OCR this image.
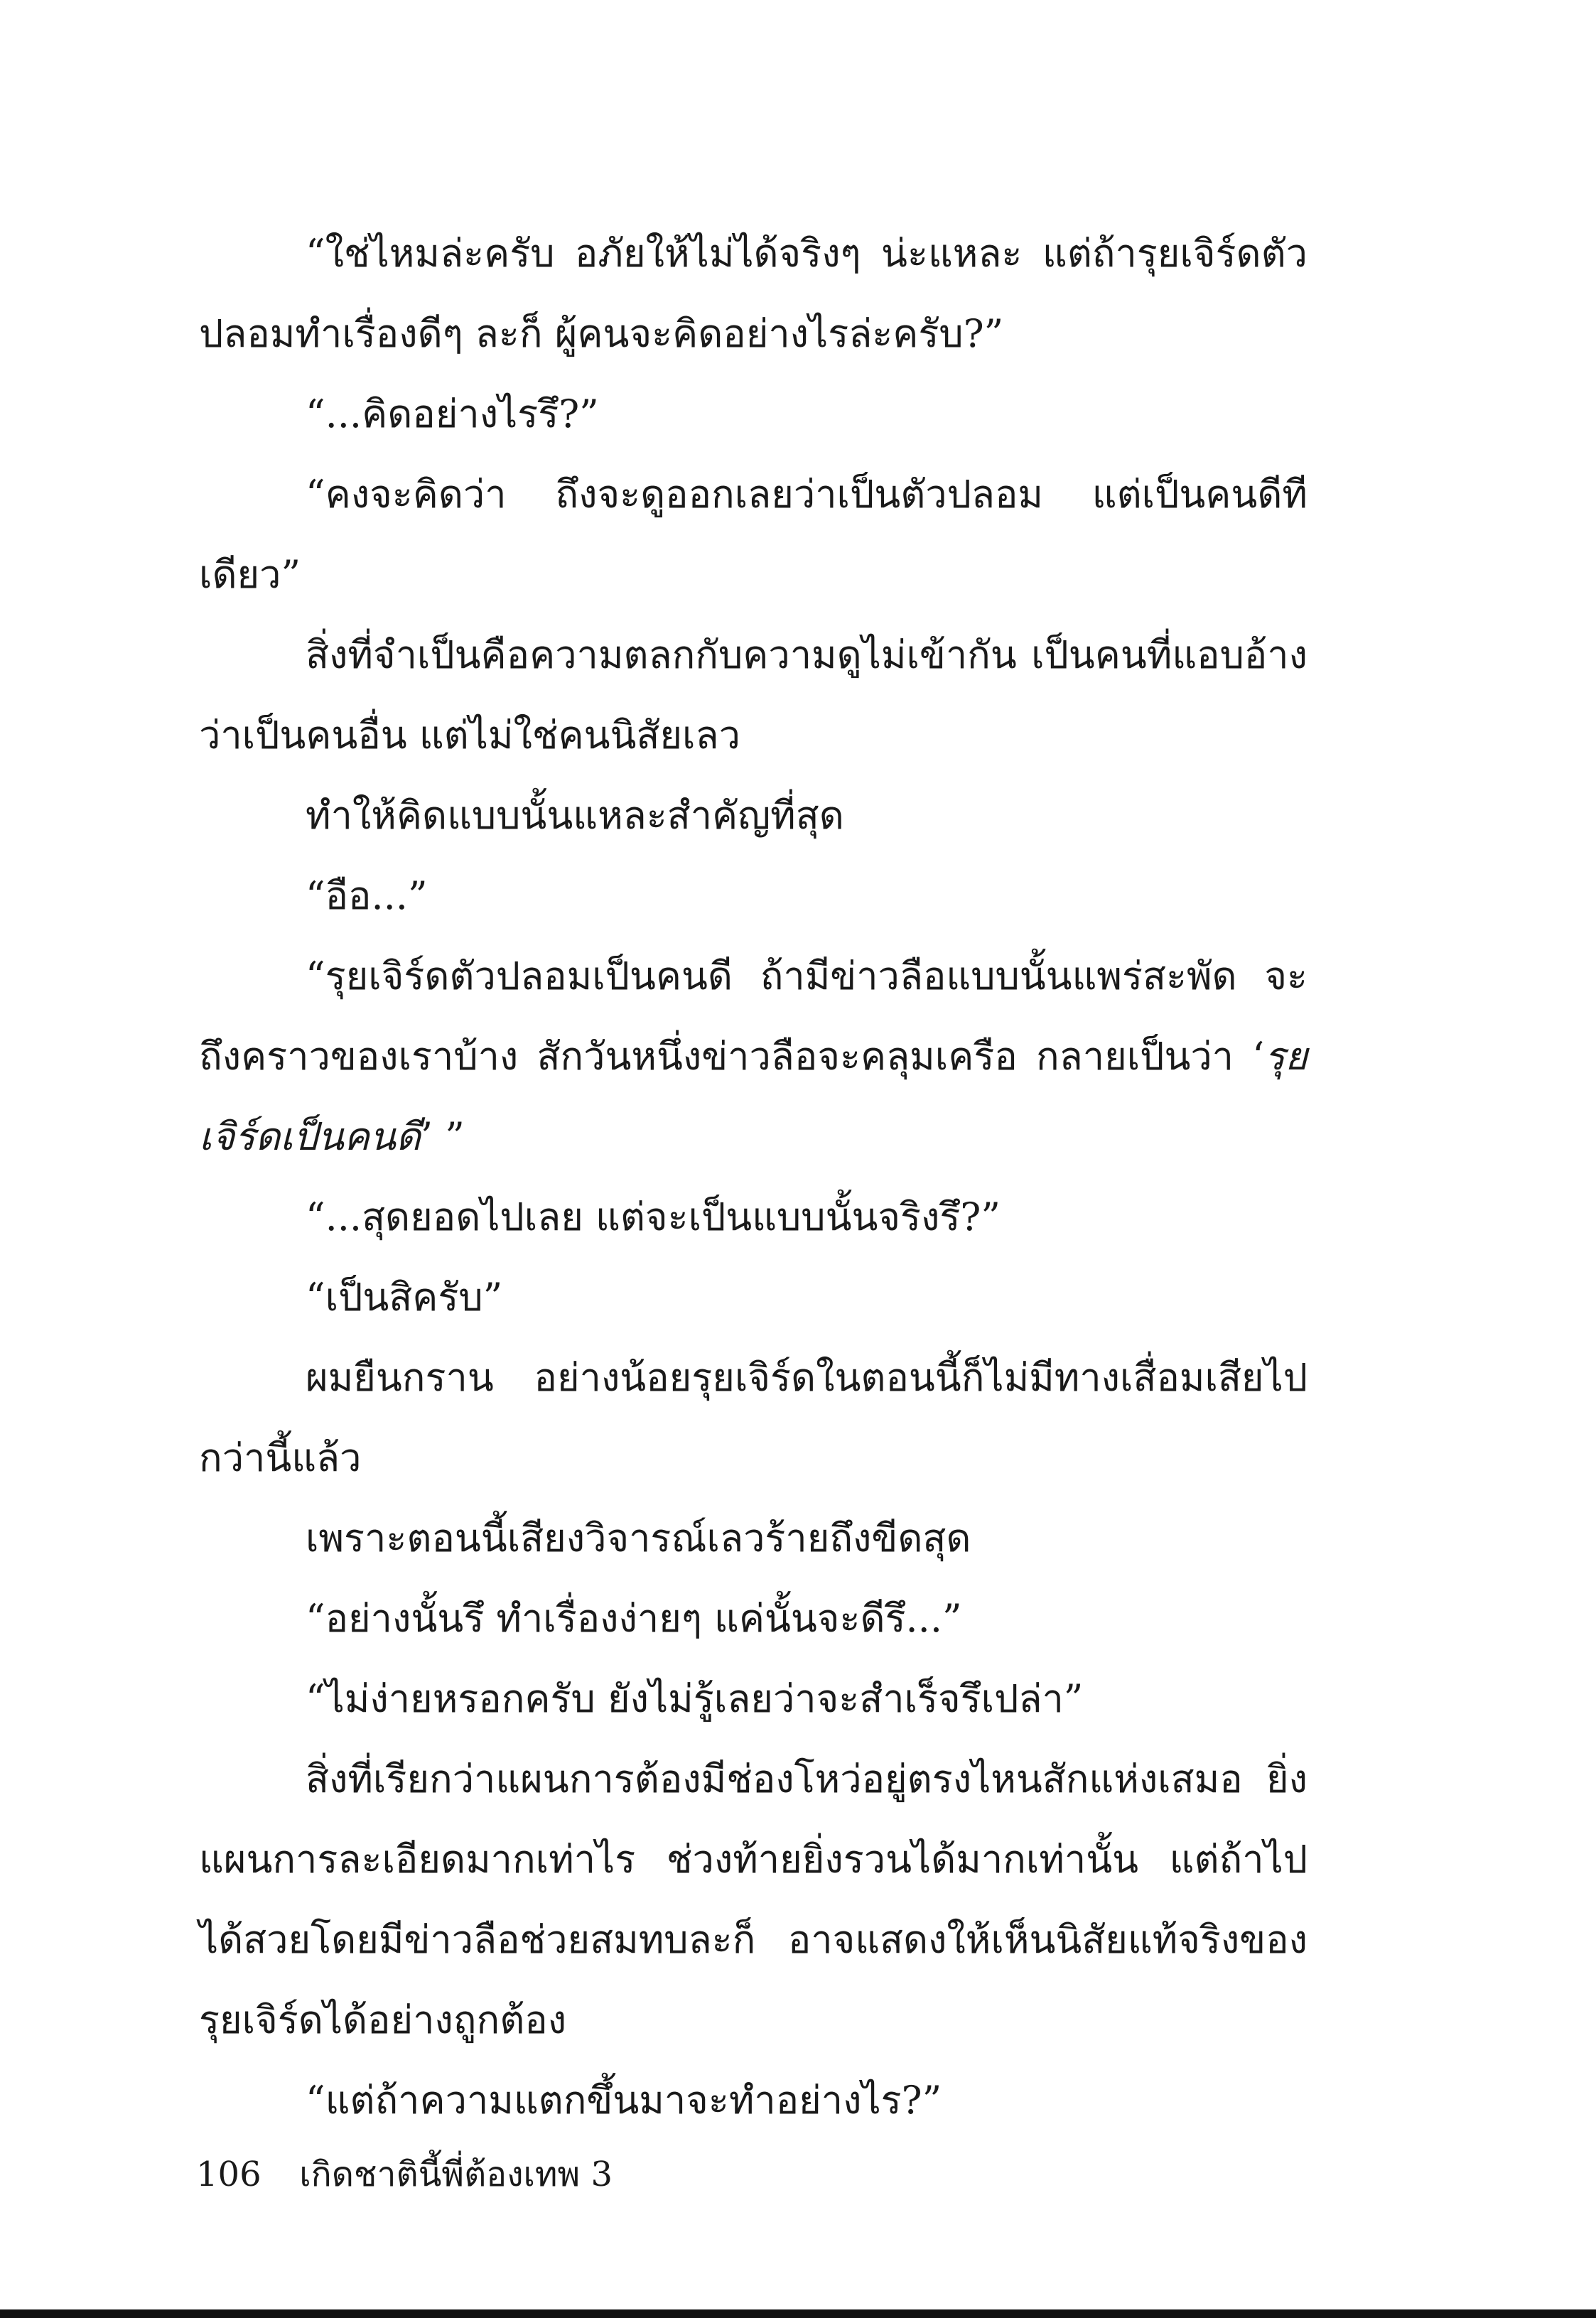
“ใช่ไหมล่ะครับ อภัยให้ไม่ได้จริงๆ น่ะแหละ แต่ถ้ารุยเจิร์ดตัวปลอมทำเรื่องดีๆ ละก็ ผู้คนจะคิดอย่างไรล่ะครับ?”

“...คิดอย่างไรรึ?”

“คงจะคิดว่า ถึงจะดูออกเลยว่าเป็นตัวปลอม แต่เป็นคนดีทีเดียว”

สิ่งที่จำเป็นคือความตลกกับความดูไม่เข้ากัน เป็นคนที่แอบอ้างว่าเป็นคนอื่น แต่ไม่ใช่คนนิสัยเลว

ทำให้คิดแบบนั้นแหละสำคัญที่สุด

“อือ...”

“รุยเจิร์ดตัวปลอมเป็นคนดี ถ้ามีข่าวลือแบบนั้นแพร่สะพัด จะถึงคราวของเราบ้าง สักวันหนึ่งข่าวลือจะคลุมเครือ กลายเป็นว่า ‘รุยเจิร์ดเป็นคนดี’ ”

“...สุดยอดไปเลย แต่จะเป็นแบบนั้นจริงรึ?”

“เป็นสิครับ”

ผมยืนกราน อย่างน้อยรุยเจิร์ดในตอนนี้ก็ไม่มีทางเสื่อมเสียไปกว่านี้แล้ว

เพราะตอนนี้เสียงวิจารณ์เลวร้ายถึงขีดสุด

“อย่างนั้นรึ ทำเรื่องง่ายๆ แค่นั้นจะดีรึ...”

“ไม่ง่ายหรอกครับ ยังไม่รู้เลยว่าจะสำเร็จรึเปล่า”

สิ่งที่เรียกว่าแผนการต้องมีช่องโหว่อยู่ตรงไหนสักแห่งเสมอ ยิ่งแผนการละเอียดมากเท่าไร ช่วงท้ายยิ่งรวนได้มากเท่านั้น แต่ถ้าไปได้สวยโดยมีข่าวลือช่วยสมทบละก็ อาจแสดงให้เห็นนิสัยแท้จริงของรุยเจิร์ดได้อย่างถูกต้อง

“แต่ถ้าความแตกขึ้นมาจะทำอย่างไร?”

106 เกิดชาตินี้พี่ต้องเทพ 3
